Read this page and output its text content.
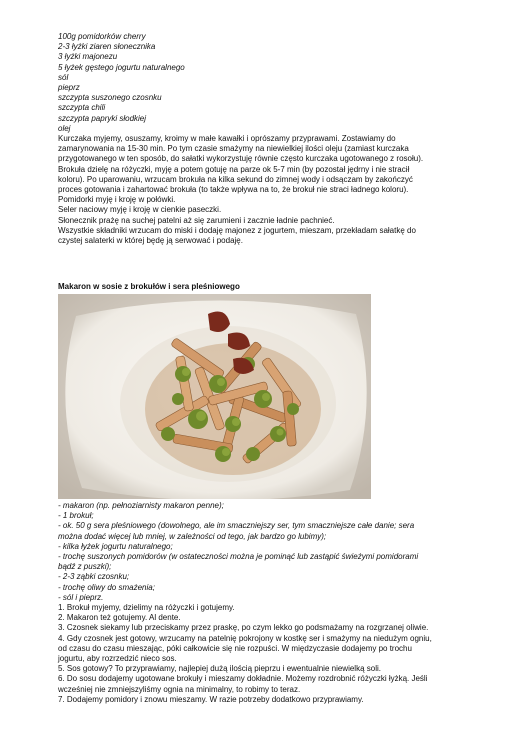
100g pomidorków cherry
2-3 łyżki ziaren słonecznika
3 łyżki majonezu
5 łyżek gęstego jogurtu naturalnego
sól
pieprz
szczypta suszonego czosnku
szczypta chili
szczypta papryki słodkiej
olej
Kurczaka myjemy, osuszamy, kroimy w małe kawałki i oprószamy przyprawami. Zostawiamy do
zamarynowania na 15-30 min. Po tym czasie smażymy na niewielkiej ilości oleju (zamiast kurczaka
przygotowanego w ten sposób, do sałatki wykorzystuję równie często kurczaka ugotowanego z rosołu).
Brokuła dzielę na różyczki, myję a potem gotuję na parze ok 5-7 min (by pozostał jędrny i nie stracił
koloru). Po uparowaniu, wrzucam brokuła na kilka sekund do zimnej wody i odsączam by zakończyć
proces gotowania i zahartować brokuła (to także wpływa na to, że brokuł nie straci ładnego koloru).
Pomidorki myję i kroję w połówki.
Seler naciowy myję i kroję w cienkie paseczki.
Słonecznik prażę na suchej patelni aż się zarumieni i zacznie ładnie pachnieć.
Wszystkie składniki wrzucam do miski i dodaję majonez z jogurtem, mieszam, przekładam sałatkę do
czystej salaterki w której będę ją serwować i podaję.
Makaron w sosie z brokułów i sera pleśniowego
- makaron (np. pełnoziarnisty makaron penne);
- 1 brokuł;
- ok. 50 g sera pleśniowego (dowolnego, ale im smaczniejszy ser, tym smaczniejsze całe danie; sera
można dodać więcej lub mniej, w zależności od tego, jak bardzo go lubimy);
- kilka łyżek jogurtu naturalnego;
- trochę suszonych pomidorów (w ostateczności można je pominąć lub zastąpić świeżymi pomidorami
bądź z puszki);
- 2-3 ząbki czosnku;
- trochę oliwy do smażenia;
- sól i pieprz.
1. Brokuł myjemy, dzielimy na różyczki i gotujemy.
2. Makaron też gotujemy. Al dente.
3. Czosnek siekamy lub przeciskamy przez praskę, po czym lekko go podsmażamy na rozgrzanej oliwie.
4. Gdy czosnek jest gotowy, wrzucamy na patelnię pokrojony w kostkę ser i smażymy na niedużym ogniu,
od czasu do czasu mieszając, póki całkowicie się nie rozpuści. W międzyczasie dodajemy po trochu
jogurtu, aby rozrzedzić nieco sos.
5. Sos gotowy? To przyprawiamy, najlepiej dużą ilością pieprzu i ewentualnie niewielką soli.
6. Do sosu dodajemy ugotowane brokuły i mieszamy dokładnie. Możemy rozdrobnić różyczki łyżką. Jeśli
wcześniej nie zmniejszyliśmy ognia na minimalny, to robimy to teraz.
7. Dodajemy pomidory i znowu mieszamy. W razie potrzeby dodatkowo przyprawiamy.
